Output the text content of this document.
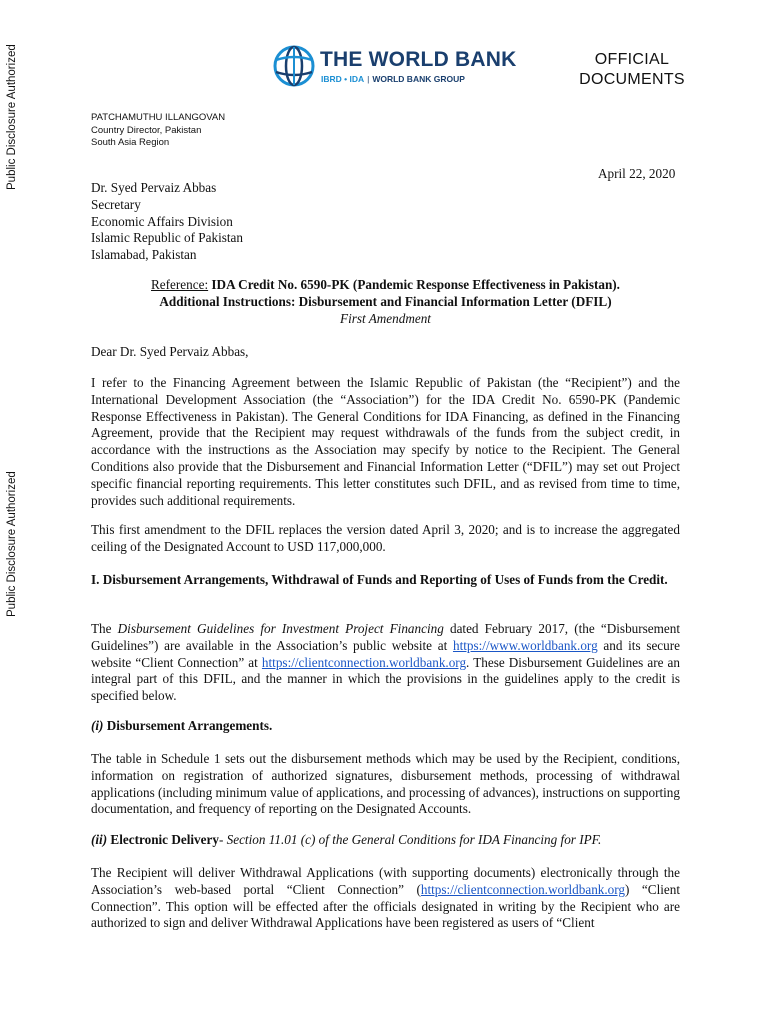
Public Disclosure Authorized
Public Disclosure Authorized
THE WORLD BANK
IBRD • IDA | WORLD BANK GROUP
OFFICIAL
DOCUMENTS
PATCHAMUTHU ILLANGOVAN
Country Director, Pakistan
South Asia Region
April 22, 2020
Dr. Syed Pervaiz Abbas
Secretary
Economic Affairs Division
Islamic Republic of Pakistan
Islamabad, Pakistan
Reference: IDA Credit No. 6590-PK (Pandemic Response Effectiveness in Pakistan).
Additional Instructions: Disbursement and Financial Information Letter (DFIL)
First Amendment
Dear Dr. Syed Pervaiz Abbas,
I refer to the Financing Agreement between the Islamic Republic of Pakistan (the “Recipient”) and the International Development Association (the “Association”) for the IDA Credit No. 6590-PK (Pandemic Response Effectiveness in Pakistan). The General Conditions for IDA Financing, as defined in the Financing Agreement, provide that the Recipient may request withdrawals of the funds from the subject credit, in accordance with the instructions as the Association may specify by notice to the Recipient. The General Conditions also provide that the Disbursement and Financial Information Letter (“DFIL”) may set out Project specific financial reporting requirements. This letter constitutes such DFIL, and as revised from time to time, provides such additional requirements.
This first amendment to the DFIL replaces the version dated April 3, 2020; and is to increase the aggregated ceiling of the Designated Account to USD 117,000,000.
I. Disbursement Arrangements, Withdrawal of Funds and Reporting of Uses of Funds from the Credit.
The Disbursement Guidelines for Investment Project Financing dated February 2017, (the “Disbursement Guidelines”) are available in the Association’s public website at https://www.worldbank.org and its secure website “Client Connection” at https://clientconnection.worldbank.org. These Disbursement Guidelines are an integral part of this DFIL, and the manner in which the provisions in the guidelines apply to the credit is specified below.
(i) Disbursement Arrangements.
The table in Schedule 1 sets out the disbursement methods which may be used by the Recipient, conditions, information on registration of authorized signatures, disbursement methods, processing of withdrawal applications (including minimum value of applications, and processing of advances), instructions on supporting documentation, and frequency of reporting on the Designated Accounts.
(ii) Electronic Delivery- Section 11.01 (c) of the General Conditions for IDA Financing for IPF.
The Recipient will deliver Withdrawal Applications (with supporting documents) electronically through the Association’s web-based portal “Client Connection” (https://clientconnection.worldbank.org) “Client Connection”. This option will be effected after the officials designated in writing by the Recipient who are authorized to sign and deliver Withdrawal Applications have been registered as users of “Client
